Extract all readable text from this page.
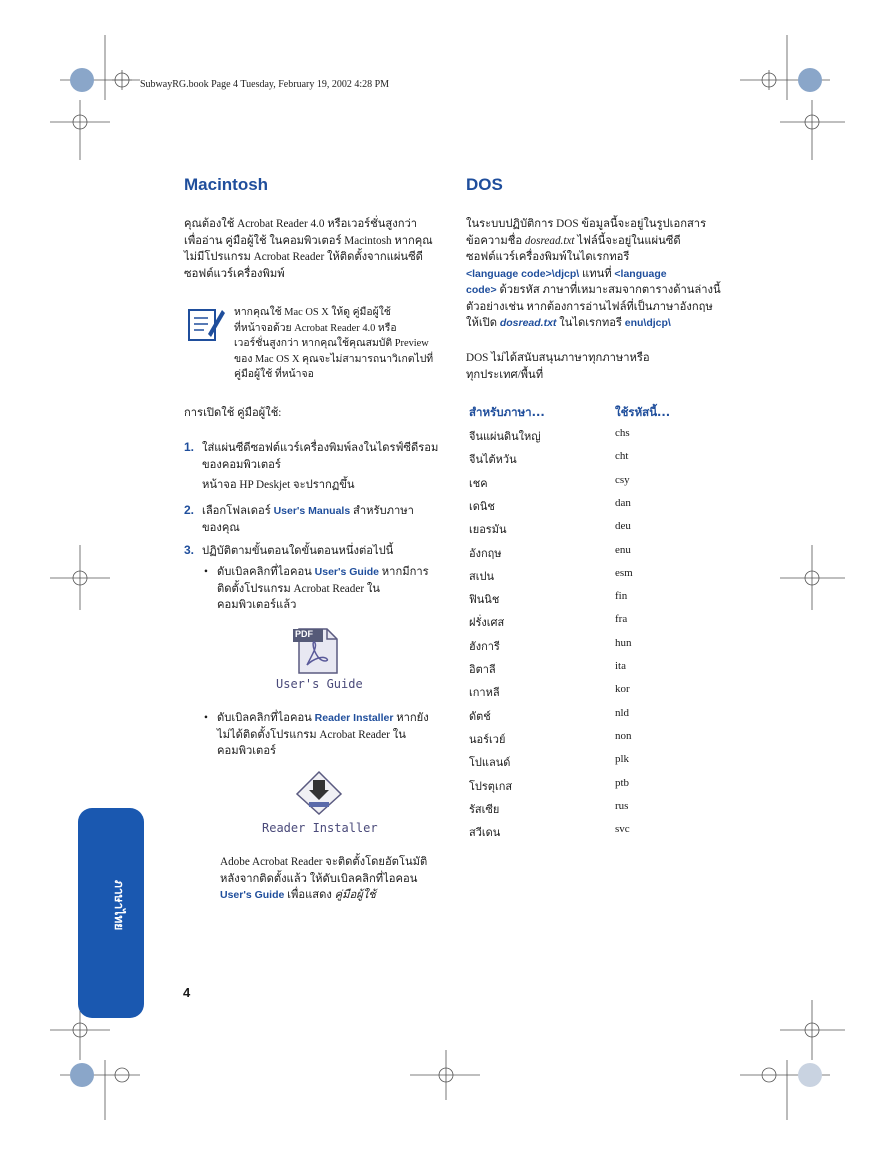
SubwayRG.book Page 4 Tuesday, February 19, 2002 4:28 PM
Macintosh
คุณต้องใช้ Acrobat Reader 4.0 หรือเวอร์ชั่นสูงกว่า
เพื่ออ่าน คู่มือผู้ใช้ ในคอมพิวเตอร์ Macintosh หากคุณ
ไม่มีโปรแกรม Acrobat Reader ให้ติดตั้งจากแผ่นซีดี
ซอฟต์แวร์เครื่องพิมพ์
หากคุณใช้ Mac OS X ให้ดู คู่มือผู้ใช้
ที่หน้าจอด้วย Acrobat Reader 4.0 หรือ
เวอร์ชั่นสูงกว่า หากคุณใช้คุณสมบัติ Preview
ของ Mac OS X คุณจะไม่สามารถนาวิเกตไปที่
คู่มือผู้ใช้ ที่หน้าจอ
การเปิดใช้ คู่มือผู้ใช้:
1. ใส่แผ่นซีดีซอฟต์แวร์เครื่องพิมพ์ลงในไดรฟ์ซีดีรอม
ของคอมพิวเตอร์
หน้าจอ HP Deskjet จะปรากฏขึ้น
2. เลือกโฟลเดอร์ User's Manuals สำหรับภาษา
ของคุณ
3. ปฏิบัติตามขั้นตอนใดขั้นตอนหนึ่งต่อไปนี้
• ดับเบิลคลิกที่ไอคอน User's Guide หากมีการ
ติดตั้งโปรแกรม Acrobat Reader ใน
คอมพิวเตอร์แล้ว
PDF
User's Guide
• ดับเบิลคลิกที่ไอคอน Reader Installer หากยัง
ไม่ได้ติดตั้งโปรแกรม Acrobat Reader ใน
คอมพิวเตอร์
Reader Installer
Adobe Acrobat Reader จะติดตั้งโดยอัตโนมัติ
หลังจากติดตั้งแล้ว ให้ดับเบิลคลิกที่ไอคอน
User's Guide เพื่อแสดง คู่มือผู้ใช้
DOS
ในระบบปฏิบัติการ DOS ข้อมูลนี้จะอยู่ในรูปเอกสาร
ข้อความชื่อ dosread.txt ไฟล์นี้จะอยู่ในแผ่นซีดี
ซอฟต์แวร์เครื่องพิมพ์ในไดเรกทอรี
<language code>\djcp\ แทนที่ <language
code> ด้วยรหัส ภาษาที่เหมาะสมจากตารางด้านล่างนี้
ตัวอย่างเช่น หากต้องการอ่านไฟล์ที่เป็นภาษาอังกฤษ
ให้เปิด dosread.txt ในไดเรกทอรี enu\djcp\
DOS ไม่ได้สนับสนุนภาษาทุกภาษาหรือ
ทุกประเทศ/พื้นที่
สำหรับภาษา...	ใช้รหัสนี้...
จีนแผ่นดินใหญ่	chs
จีนไต้หวัน	cht
เชค	csy
เดนิช	dan
เยอรมัน	deu
อังกฤษ	enu
สเปน	esm
ฟินนิช	fin
ฝรั่งเศส	fra
ฮังการี	hun
อิตาลี	ita
เกาหลี	kor
ดัตช์	nld
นอร์เวย์	non
โปแลนด์	plk
โปรตุเกส	ptb
รัสเซีย	rus
สวีเดน	svc
ภาษาไทย
4
